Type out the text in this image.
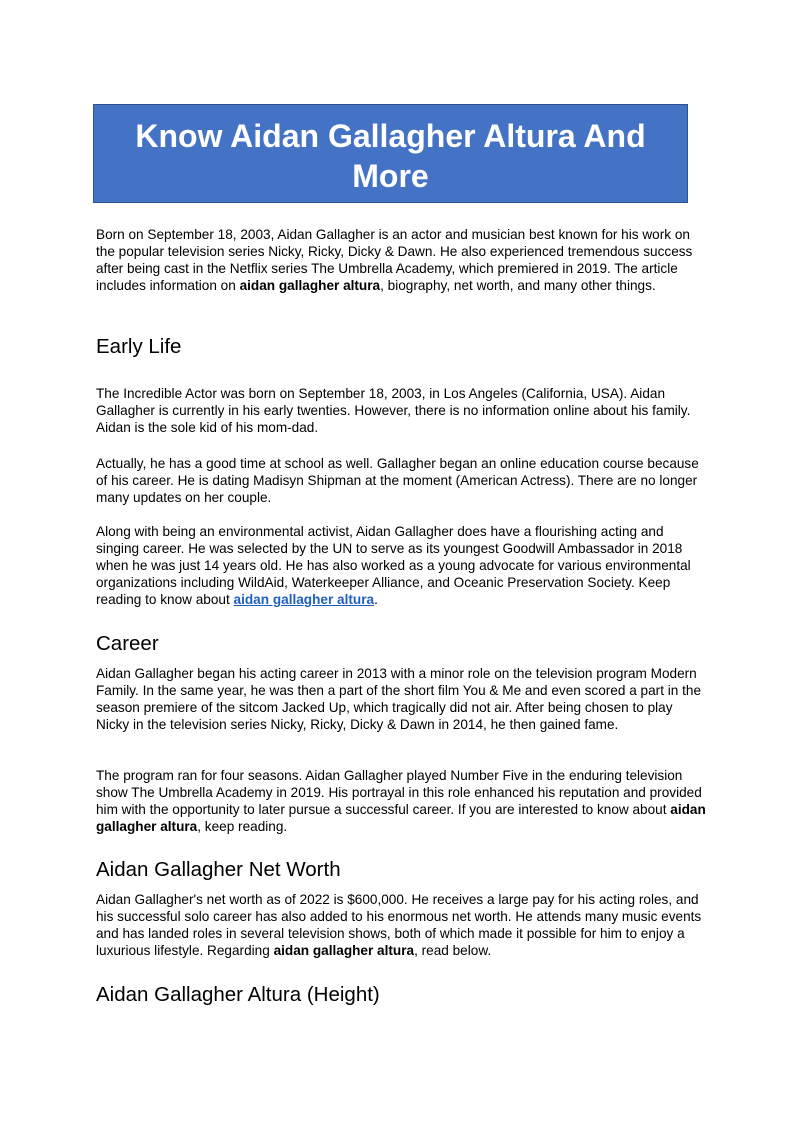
Know Aidan Gallagher Altura And
More

Born on September 18, 2003, Aidan Gallagher is an actor and musician best known for his work on the popular television series Nicky, Ricky, Dicky & Dawn. He also experienced tremendous success after being cast in the Netflix series The Umbrella Academy, which premiered in 2019. The article includes information on aidan gallagher altura, biography, net worth, and many other things.

Early Life

The Incredible Actor was born on September 18, 2003, in Los Angeles (California, USA). Aidan Gallagher is currently in his early twenties. However, there is no information online about his family. Aidan is the sole kid of his mom-dad.

Actually, he has a good time at school as well. Gallagher began an online education course because of his career. He is dating Madisyn Shipman at the moment (American Actress). There are no longer many updates on her couple.

Along with being an environmental activist, Aidan Gallagher does have a flourishing acting and singing career. He was selected by the UN to serve as its youngest Goodwill Ambassador in 2018 when he was just 14 years old. He has also worked as a young advocate for various environmental organizations including WildAid, Waterkeeper Alliance, and Oceanic Preservation Society. Keep reading to know about aidan gallagher altura.

Career

Aidan Gallagher began his acting career in 2013 with a minor role on the television program Modern Family. In the same year, he was then a part of the short film You & Me and even scored a part in the season premiere of the sitcom Jacked Up, which tragically did not air. After being chosen to play Nicky in the television series Nicky, Ricky, Dicky & Dawn in 2014, he then gained fame.

The program ran for four seasons. Aidan Gallagher played Number Five in the enduring television show The Umbrella Academy in 2019. His portrayal in this role enhanced his reputation and provided him with the opportunity to later pursue a successful career. If you are interested to know about aidan gallagher altura, keep reading.

Aidan Gallagher Net Worth

Aidan Gallagher's net worth as of 2022 is $600,000. He receives a large pay for his acting roles, and his successful solo career has also added to his enormous net worth. He attends many music events and has landed roles in several television shows, both of which made it possible for him to enjoy a luxurious lifestyle. Regarding aidan gallagher altura, read below.

Aidan Gallagher Altura (Height)
